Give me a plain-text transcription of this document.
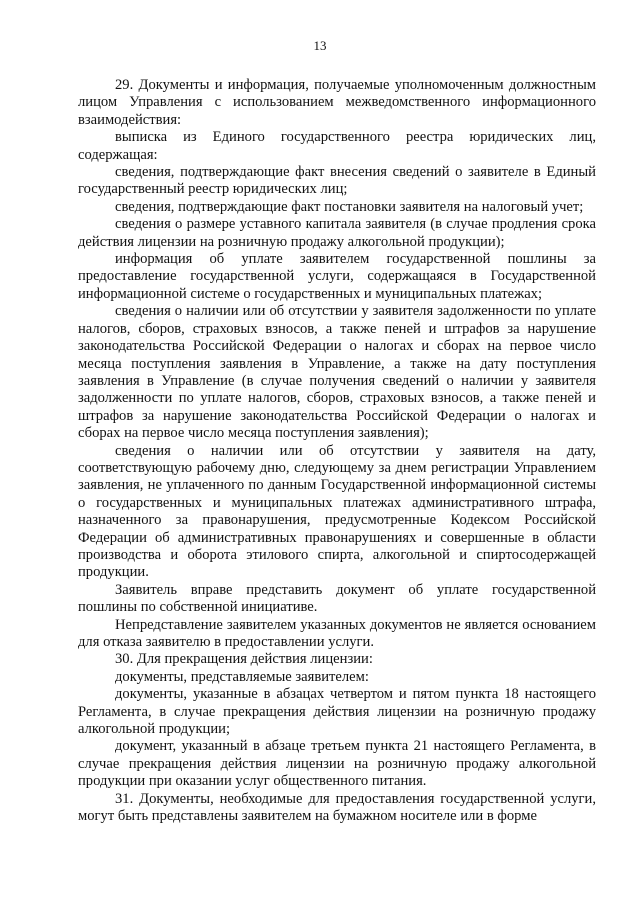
13

29. Документы и информация, получаемые уполномоченным должностным лицом Управления с использованием межведомственного информационного взаимодействия:

выписка из Единого государственного реестра юридических лиц, содержащая:

сведения, подтверждающие факт внесения сведений о заявителе в Единый государственный реестр юридических лиц;

сведения, подтверждающие факт постановки заявителя на налоговый учет;

сведения о размере уставного капитала заявителя (в случае продления срока действия лицензии на розничную продажу алкогольной продукции);

информация об уплате заявителем государственной пошлины за предоставление государственной услуги, содержащаяся в Государственной информационной системе о государственных и муниципальных платежах;

сведения о наличии или об отсутствии у заявителя задолженности по уплате налогов, сборов, страховых взносов, а также пеней и штрафов за нарушение законодательства Российской Федерации о налогах и сборах на первое число месяца поступления заявления в Управление, а также на дату поступления заявления в Управление (в случае получения сведений о наличии у заявителя задолженности по уплате налогов, сборов, страховых взносов, а также пеней и штрафов за нарушение законодательства Российской Федерации о налогах и сборах на первое число месяца поступления заявления);

сведения о наличии или об отсутствии у заявителя на дату, соответствующую рабочему дню, следующему за днем регистрации Управлением заявления, не уплаченного по данным Государственной информационной системы о государственных и муниципальных платежах административного штрафа, назначенного за правонарушения, предусмотренные Кодексом Российской Федерации об административных правонарушениях и совершенные в области производства и оборота этилового спирта, алкогольной и спиртосодержащей продукции.

Заявитель вправе представить документ об уплате государственной пошлины по собственной инициативе.

Непредставление заявителем указанных документов не является основанием для отказа заявителю в предоставлении услуги.

30. Для прекращения действия лицензии:

документы, представляемые заявителем:

документы, указанные в абзацах четвертом и пятом пункта 18 настоящего Регламента, в случае прекращения действия лицензии на розничную продажу алкогольной продукции;

документ, указанный в абзаце третьем пункта 21 настоящего Регламента, в случае прекращения действия лицензии на розничную продажу алкогольной продукции при оказании услуг общественного питания.

31. Документы, необходимые для предоставления государственной услуги, могут быть представлены заявителем на бумажном носителе или в форме
